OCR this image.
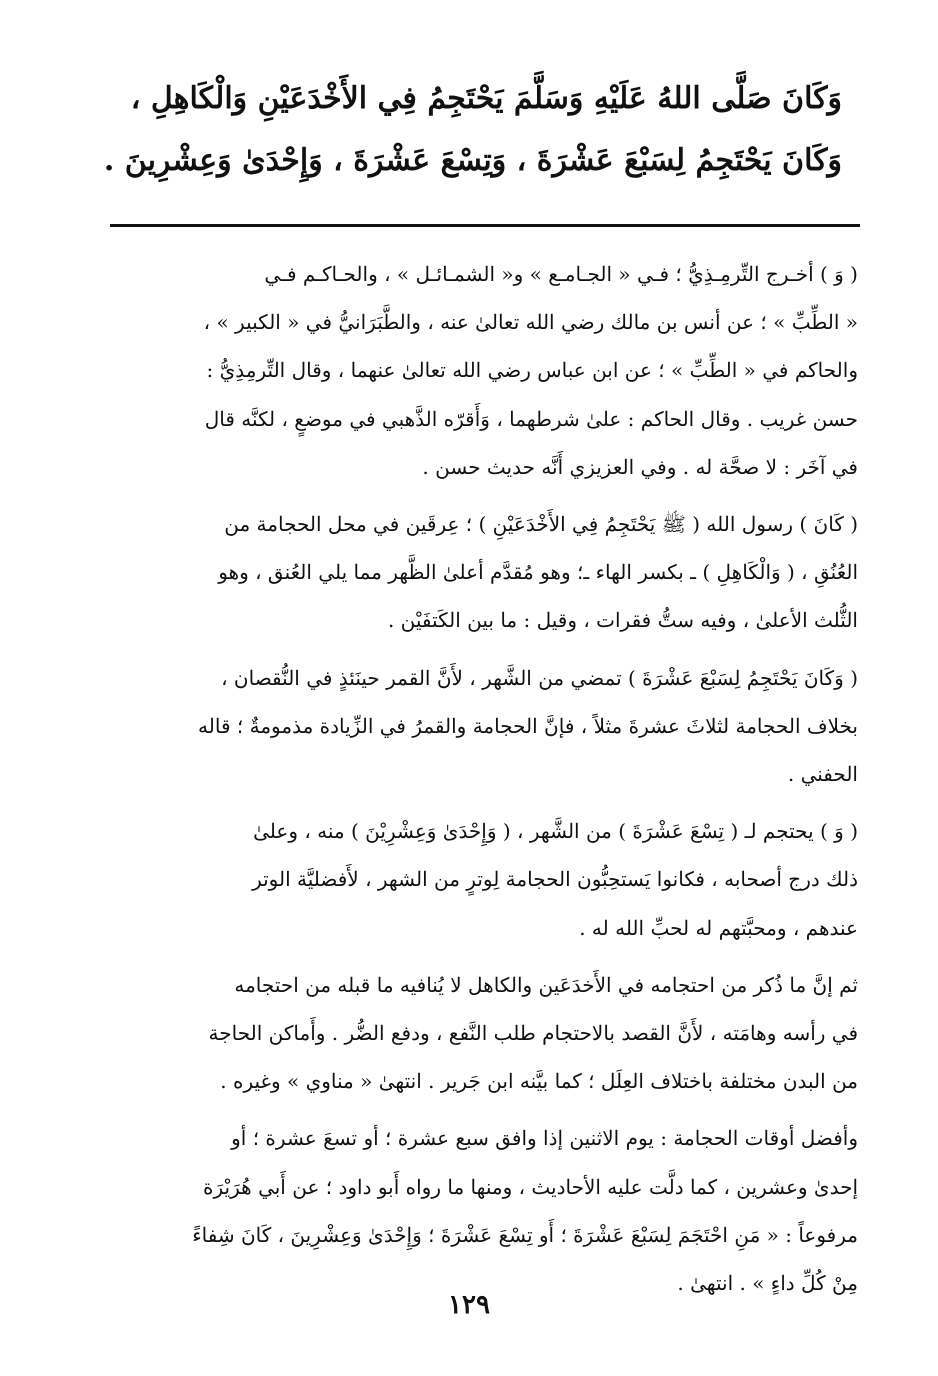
وَكَانَ صَلَّى اللهُ عَلَيْهِ وَسَلَّمَ يَحْتَجِمُ فِي الأَخْدَعَيْنِ وَالْكَاهِلِ ،
وَكَانَ يَحْتَجِمُ لِسَبْعَ عَشْرَةَ ، وَتِسْعَ عَشْرَةَ ، وَإِحْدَىٰ وَعِشْرِينَ .
( وَ ) أخـرج التِّرمِـذِيُّ ؛ فـي « الجـامـع » و« الشمـائـل » ، والحـاكـم فـي
« الطِّبِّ » ؛ عن أنس بن مالك رضي الله تعالىٰ عنه ، والطَّبَرَانيُّ في « الكبير » ،
والحاكم في « الطِّبِّ » ؛ عن ابن عباس رضي الله تعالىٰ عنهما ، وقال التِّرمِذِيُّ :
حسن غريب . وقال الحاكم : علىٰ شرطهما ، وَأَقرّه الذَّهبي في موضعٍ ، لكنَّه قال
في آخَر : لا صحَّة له . وفي العزيزي أَنَّه حديث حسن .
( كَانَ ) رسول الله ( ﷺ يَحْتَجِمُ فِي الأَخْدَعَيْنِ ) ؛ عِرقَين في محل الحجامة من
العُنُقِ ، ( وَالْكَاهِلِ ) ـ بكسر الهاء ـ؛ وهو مُقدَّم أعلىٰ الظَّهر مما يلي العُنق ، وهو
الثُّلث الأعلىٰ ، وفيه ستُّ فقرات ، وقيل : ما بين الكَتفَيْن .
( وَكَانَ يَحْتَجِمُ لِسَبْعَ عَشْرَةَ ) تمضي من الشَّهر ، لأَنَّ القمر حينَئذٍ في النُّقصان ،
بخلاف الحجامة لثلاثَ عشرةَ مثلاً ، فإنَّ الحجامة والقمرُ في الزِّيادة مذمومةٌ ؛ قاله
الحفني .
( وَ ) يحتجم لـ ( تِسْعَ عَشْرَةَ ) من الشَّهر ، ( وَإِحْدَىٰ وَعِشْرِيْنَ ) منه ، وعلىٰ
ذلك درج أصحابه ، فكانوا يَستحِبُّون الحجامة لِوترٍ من الشهر ، لأَفضليَّة الوتر
عندهم ، ومحبَّتهم له لحبِّ الله له .
ثم إنَّ ما ذُكر من احتجامه في الأَخدَعَين والكاهل لا يُنافيه ما قبله من احتجامه
في رأسه وهامَته ، لأَنَّ القصد بالاحتجام طلب النَّفع ، ودفع الضُّر . وأَماكن الحاجة
من البدن مختلفة باختلاف العِلَل ؛ كما بيَّنه ابن جَرير . انتهىٰ « مناوي » وغيره .
وأفضل أوقات الحجامة : يوم الاثنين إذا وافق سبع عشرة ؛ أو تسعَ عشرة ؛ أو
إحدىٰ وعشرين ، كما دلَّت عليه الأحاديث ، ومنها ما رواه أَبو داود ؛ عن أَبي هُرَيْرَة
مرفوعاً : « مَنِ احْتَجَمَ لِسَبْعَ عَشْرَةَ ؛ أَو تِسْعَ عَشْرَةَ ؛ وَإِحْدَىٰ وَعِشْرِينَ ، كَانَ شِفاءً
مِنْ كُلِّ داءٍ » . انتهىٰ .
١٢٩
